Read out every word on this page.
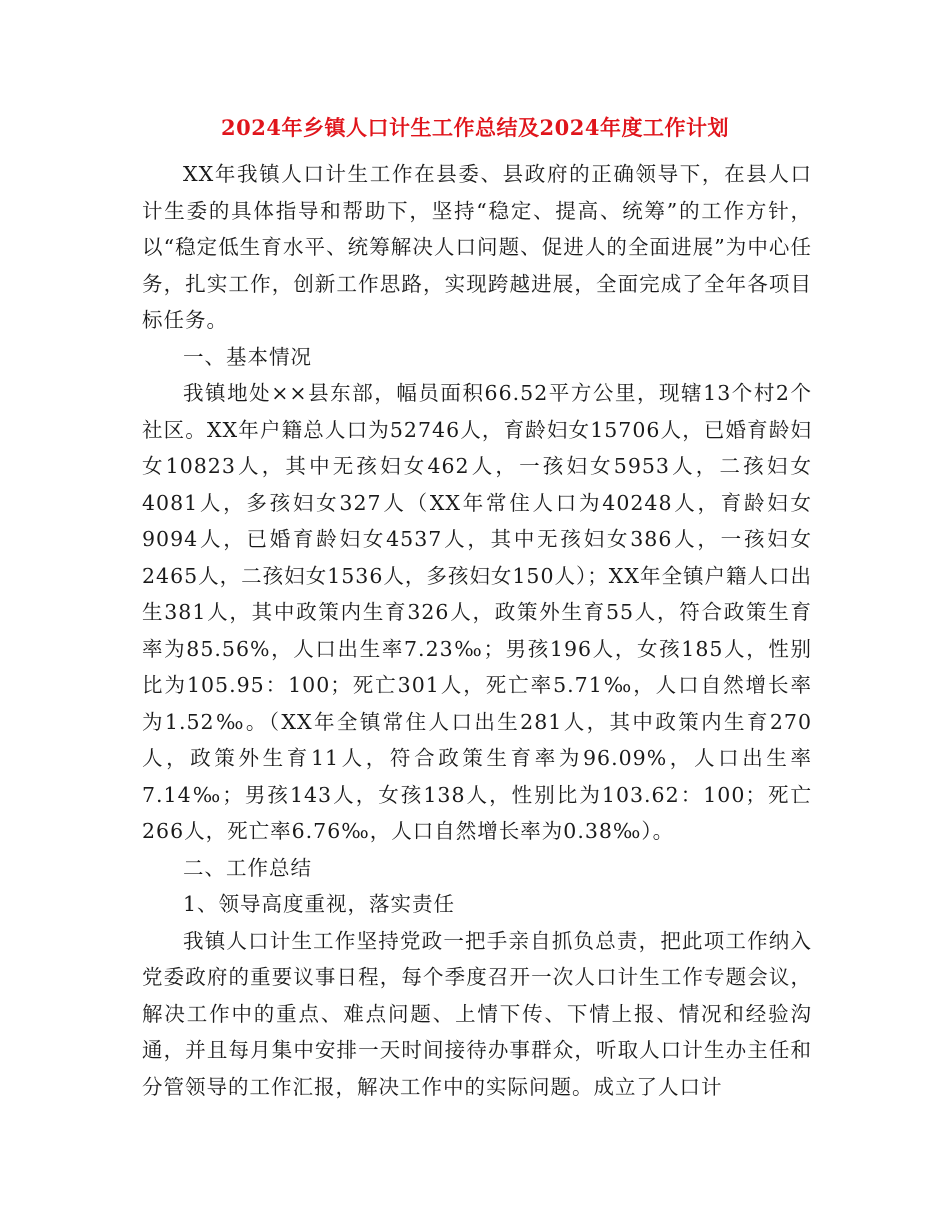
2024年乡镇人口计生工作总结及2024年度工作计划

XX年我镇人口计生工作在县委、县政府的正确领导下，在县人口计生委的具体指导和帮助下，坚持“稳定、提高、统筹”的工作方针，以“稳定低生育水平、统筹解决人口问题、促进人的全面进展”为中心任务，扎实工作，创新工作思路，实现跨越进展，全面完成了全年各项目标任务。

一、基本情况

我镇地处××县东部，幅员面积66.52平方公里，现辖13个村2个社区。XX年户籍总人口为52746人，育龄妇女15706人，已婚育龄妇女10823人，其中无孩妇女462人，一孩妇女5953人，二孩妇女4081人，多孩妇女327人（XX年常住人口为40248人，育龄妇女9094人，已婚育龄妇女4537人，其中无孩妇女386人，一孩妇女2465人，二孩妇女1536人，多孩妇女150人）；XX年全镇户籍人口出生381人，其中政策内生育326人，政策外生育55人，符合政策生育率为85.56%，人口出生率7.23‰；男孩196人，女孩185人，性别比为105.95：100；死亡301人，死亡率5.71‰，人口自然增长率为1.52‰。（XX年全镇常住人口出生281人，其中政策内生育270人，政策外生育11人，符合政策生育率为96.09%，人口出生率7.14‰；男孩143人，女孩138人，性别比为103.62：100；死亡266人，死亡率6.76‰，人口自然增长率为0.38‰）。

二、工作总结

1、领导高度重视，落实责任

我镇人口计生工作坚持党政一把手亲自抓负总责，把此项工作纳入党委政府的重要议事日程，每个季度召开一次人口计生工作专题会议，解决工作中的重点、难点问题、上情下传、下情上报、情况和经验沟通，并且每月集中安排一天时间接待办事群众，听取人口计生办主任和分管领导的工作汇报，解决工作中的实际问题。成立了人口计
